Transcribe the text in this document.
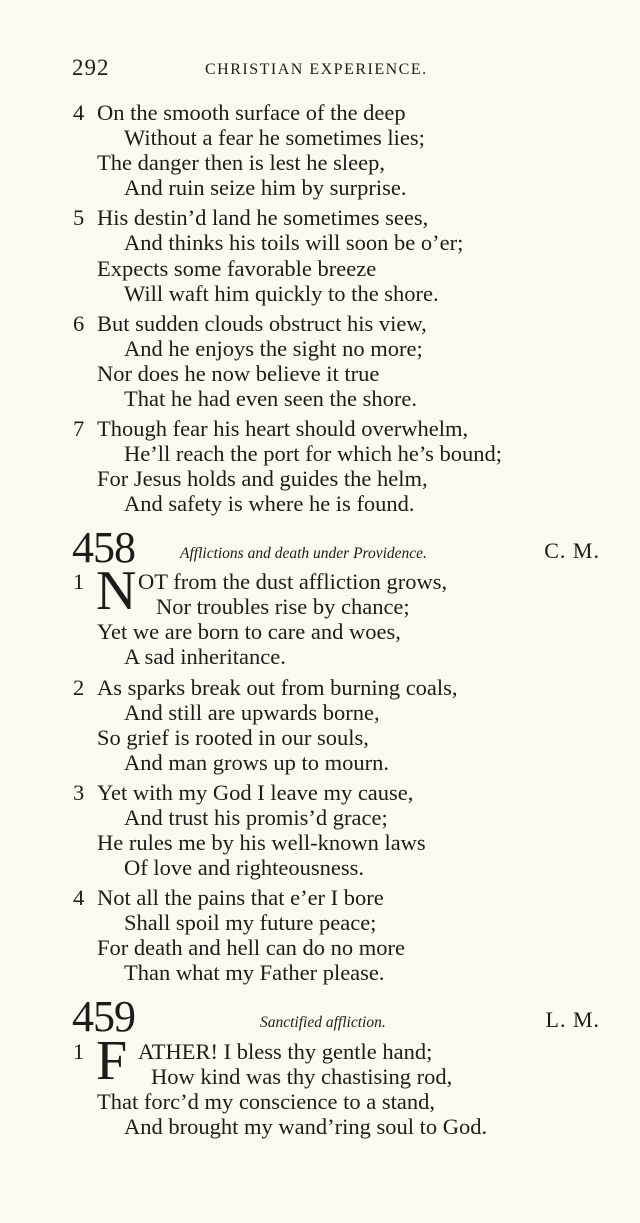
292	CHRISTIAN EXPERIENCE.
4 On the smooth surface of the deep
Without a fear he sometimes lies;
The danger then is lest he sleep,
And ruin seize him by surprise.
5 His destin’d land he sometimes sees,
And thinks his toils will soon be o’er;
Expects some favorable breeze
Will waft him quickly to the shore.
6 But sudden clouds obstruct his view,
And he enjoys the sight no more;
Nor does he now believe it true
That he had even seen the shore.
7 Though fear his heart should overwhelm,
He’ll reach the port for which he’s bound;
For Jesus holds and guides the helm,
And safety is where he is found.
458	Afflictions and death under Providence.	C. M.
1 N OT from the dust affliction grows,
Nor troubles rise by chance;
Yet we are born to care and woes,
A sad inheritance.
2 As sparks break out from burning coals,
And still are upwards borne,
So grief is rooted in our souls,
And man grows up to mourn.
3 Yet with my God I leave my cause,
And trust his promis’d grace;
He rules me by his well-known laws
Of love and righteousness.
4 Not all the pains that e’er I bore
Shall spoil my future peace;
For death and hell can do no more
Than what my Father please.
459	Sanctified affliction.	L. M.
1 F ATHER! I bless thy gentle hand;
How kind was thy chastising rod,
That forc’d my conscience to a stand,
And brought my wand’ring soul to God.
